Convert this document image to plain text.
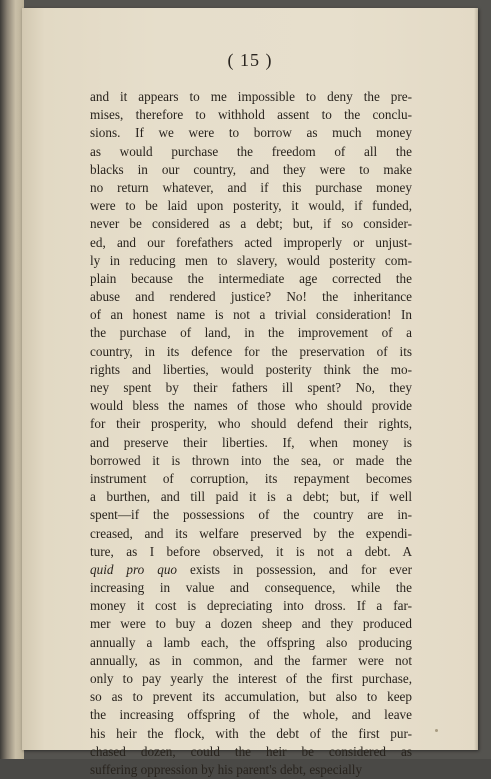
( 15 )
and it appears to me impossible to deny the pre-
mises, therefore to withhold assent to the conclu-
sions. If we were to borrow as much money
as would purchase the freedom of all the
blacks in our country, and they were to make
no return whatever, and if this purchase money
were to be laid upon posterity, it would, if funded,
never be considered as a debt; but, if so consider-
ed, and our forefathers acted improperly or unjust-
ly in reducing men to slavery, would posterity com-
plain because the intermediate age corrected the
abuse and rendered justice? No! the inheritance
of an honest name is not a trivial consideration! In
the purchase of land, in the improvement of a
country, in its defence for the preservation of its
rights and liberties, would posterity think the mo-
ney spent by their fathers ill spent? No, they
would bless the names of those who should provide
for their prosperity, who should defend their rights,
and preserve their liberties. If, when money is
borrowed it is thrown into the sea, or made the
instrument of corruption, its repayment becomes
a burthen, and till paid it is a debt; but, if well
spent—if the possessions of the country are in-
creased, and its welfare preserved by the expendi-
ture, as I before observed, it is not a debt. A
quid pro quo exists in possession, and for ever
increasing in value and consequence, while the
money it cost is depreciating into dross. If a far-
mer were to buy a dozen sheep and they produced
annually a lamb each, the offspring also producing
annually, as in common, and the farmer were not
only to pay yearly the interest of the first purchase,
so as to prevent its accumulation, but also to keep
the increasing offspring of the whole, and leave
his heir the flock, with the debt of the first pur-
chased dozen, could the heir be considered as
suffering oppression by his parent's debt, especially
